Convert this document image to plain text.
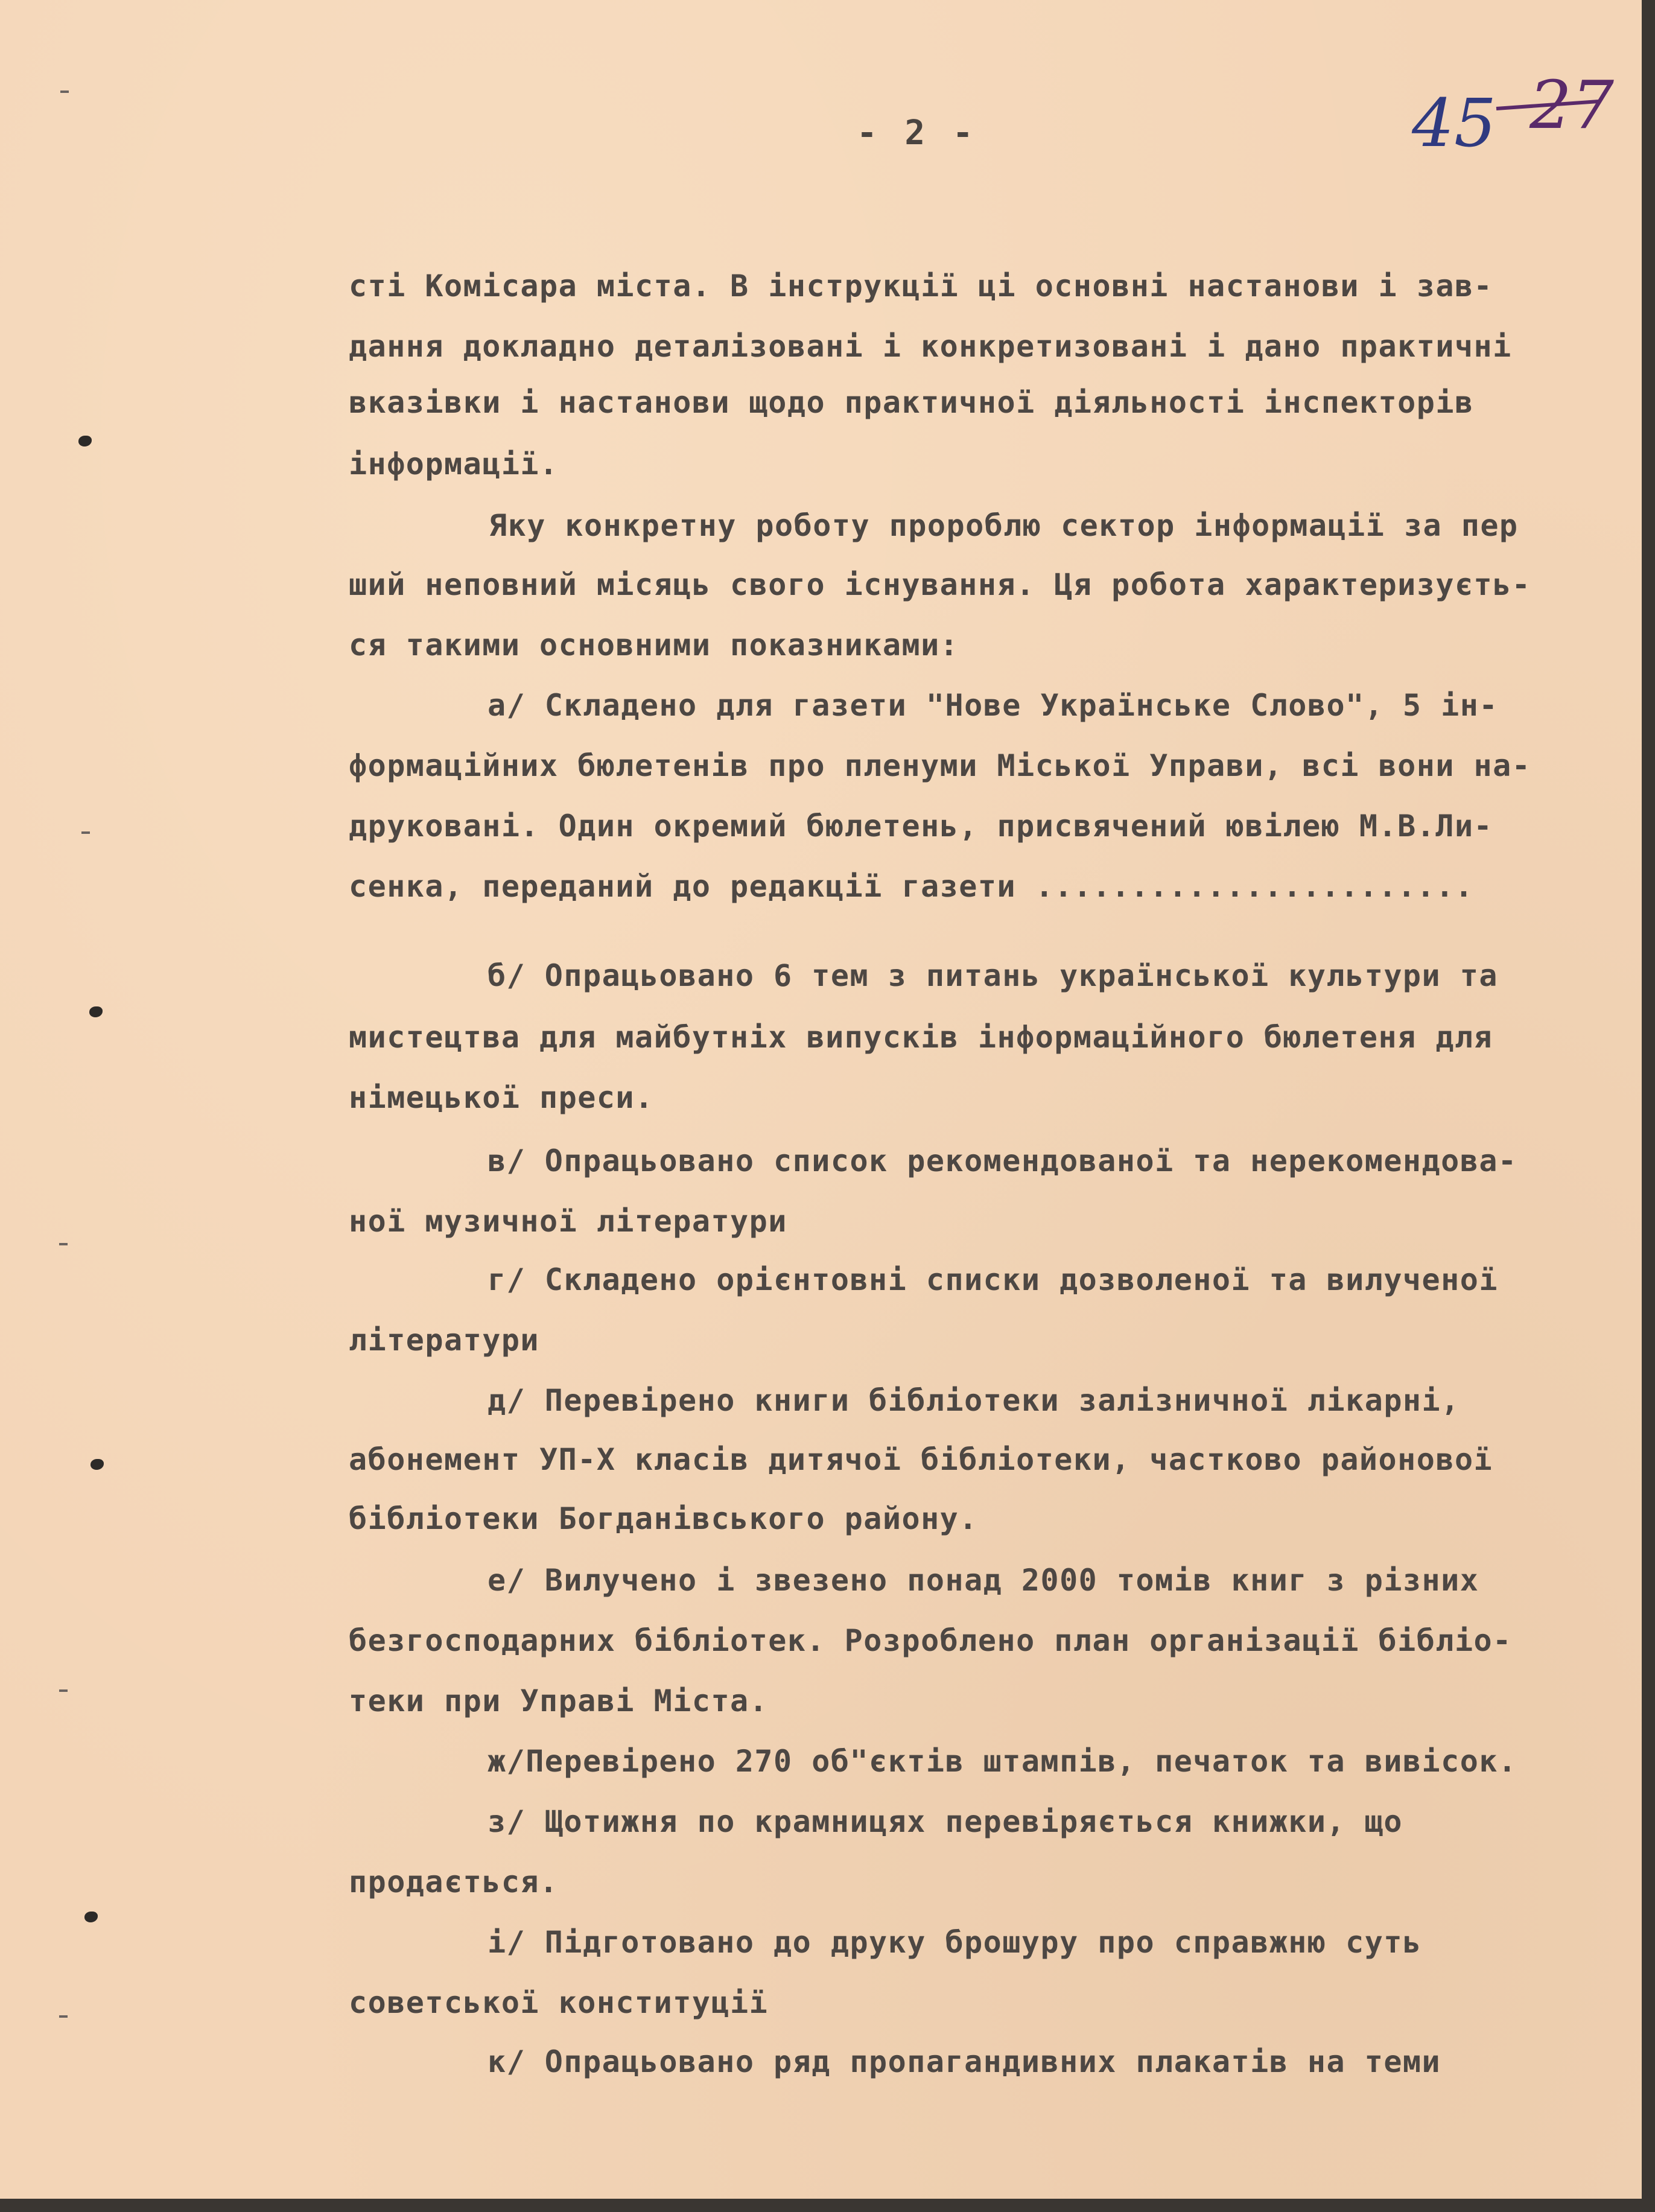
- 2 -	45 27
сті Комісара міста. В інструкції ці основні настанови і зав-
дання докладно деталізовані і конкретизовані і дано практичні
вказівки і настанови щодо практичної діяльності інспекторів
інформації.
Яку конкретну роботу пророблю сектор інформації за пер
ший неповний місяць свого існування. Ця робота характеризуєть-
ся такими основними показниками:
а/ Складено для газети "Нове Українське Слово", 5 ін-
формаційних бюлетенів про пленуми Міської Управи, всі вони на-
друковані. Один окремий бюлетень, присвячений ювілею М.В.Ли-
сенка, переданий до редакції газети .......................
б/ Опрацьовано 6 тем з питань української культури та
мистецтва для майбутніх випусків інформаційного бюлетеня для
німецької преси.
в/ Опрацьовано список рекомендованої та нерекомендова-
ної музичної літератури
г/ Складено орієнтовні списки дозволеної та вилученої
літератури
д/ Перевірено книги бібліотеки залізничної лікарні,
абонемент УП-Х класів дитячої бібліотеки, частково районової
бібліотеки Богданівського району.
е/ Вилучено і звезено понад 2000 томів книг з різних
безгосподарних бібліотек. Розроблено план організації бібліо-
теки при Управі Міста.
ж/Перевірено 270 об"єктів штампів, печаток та вивісок.
з/ Щотижня по крамницях перевіряється книжки, що
продається.
і/ Підготовано до друку брошуру про справжню суть
советської конституції
к/ Опрацьовано ряд пропагандивних плакатів на теми
